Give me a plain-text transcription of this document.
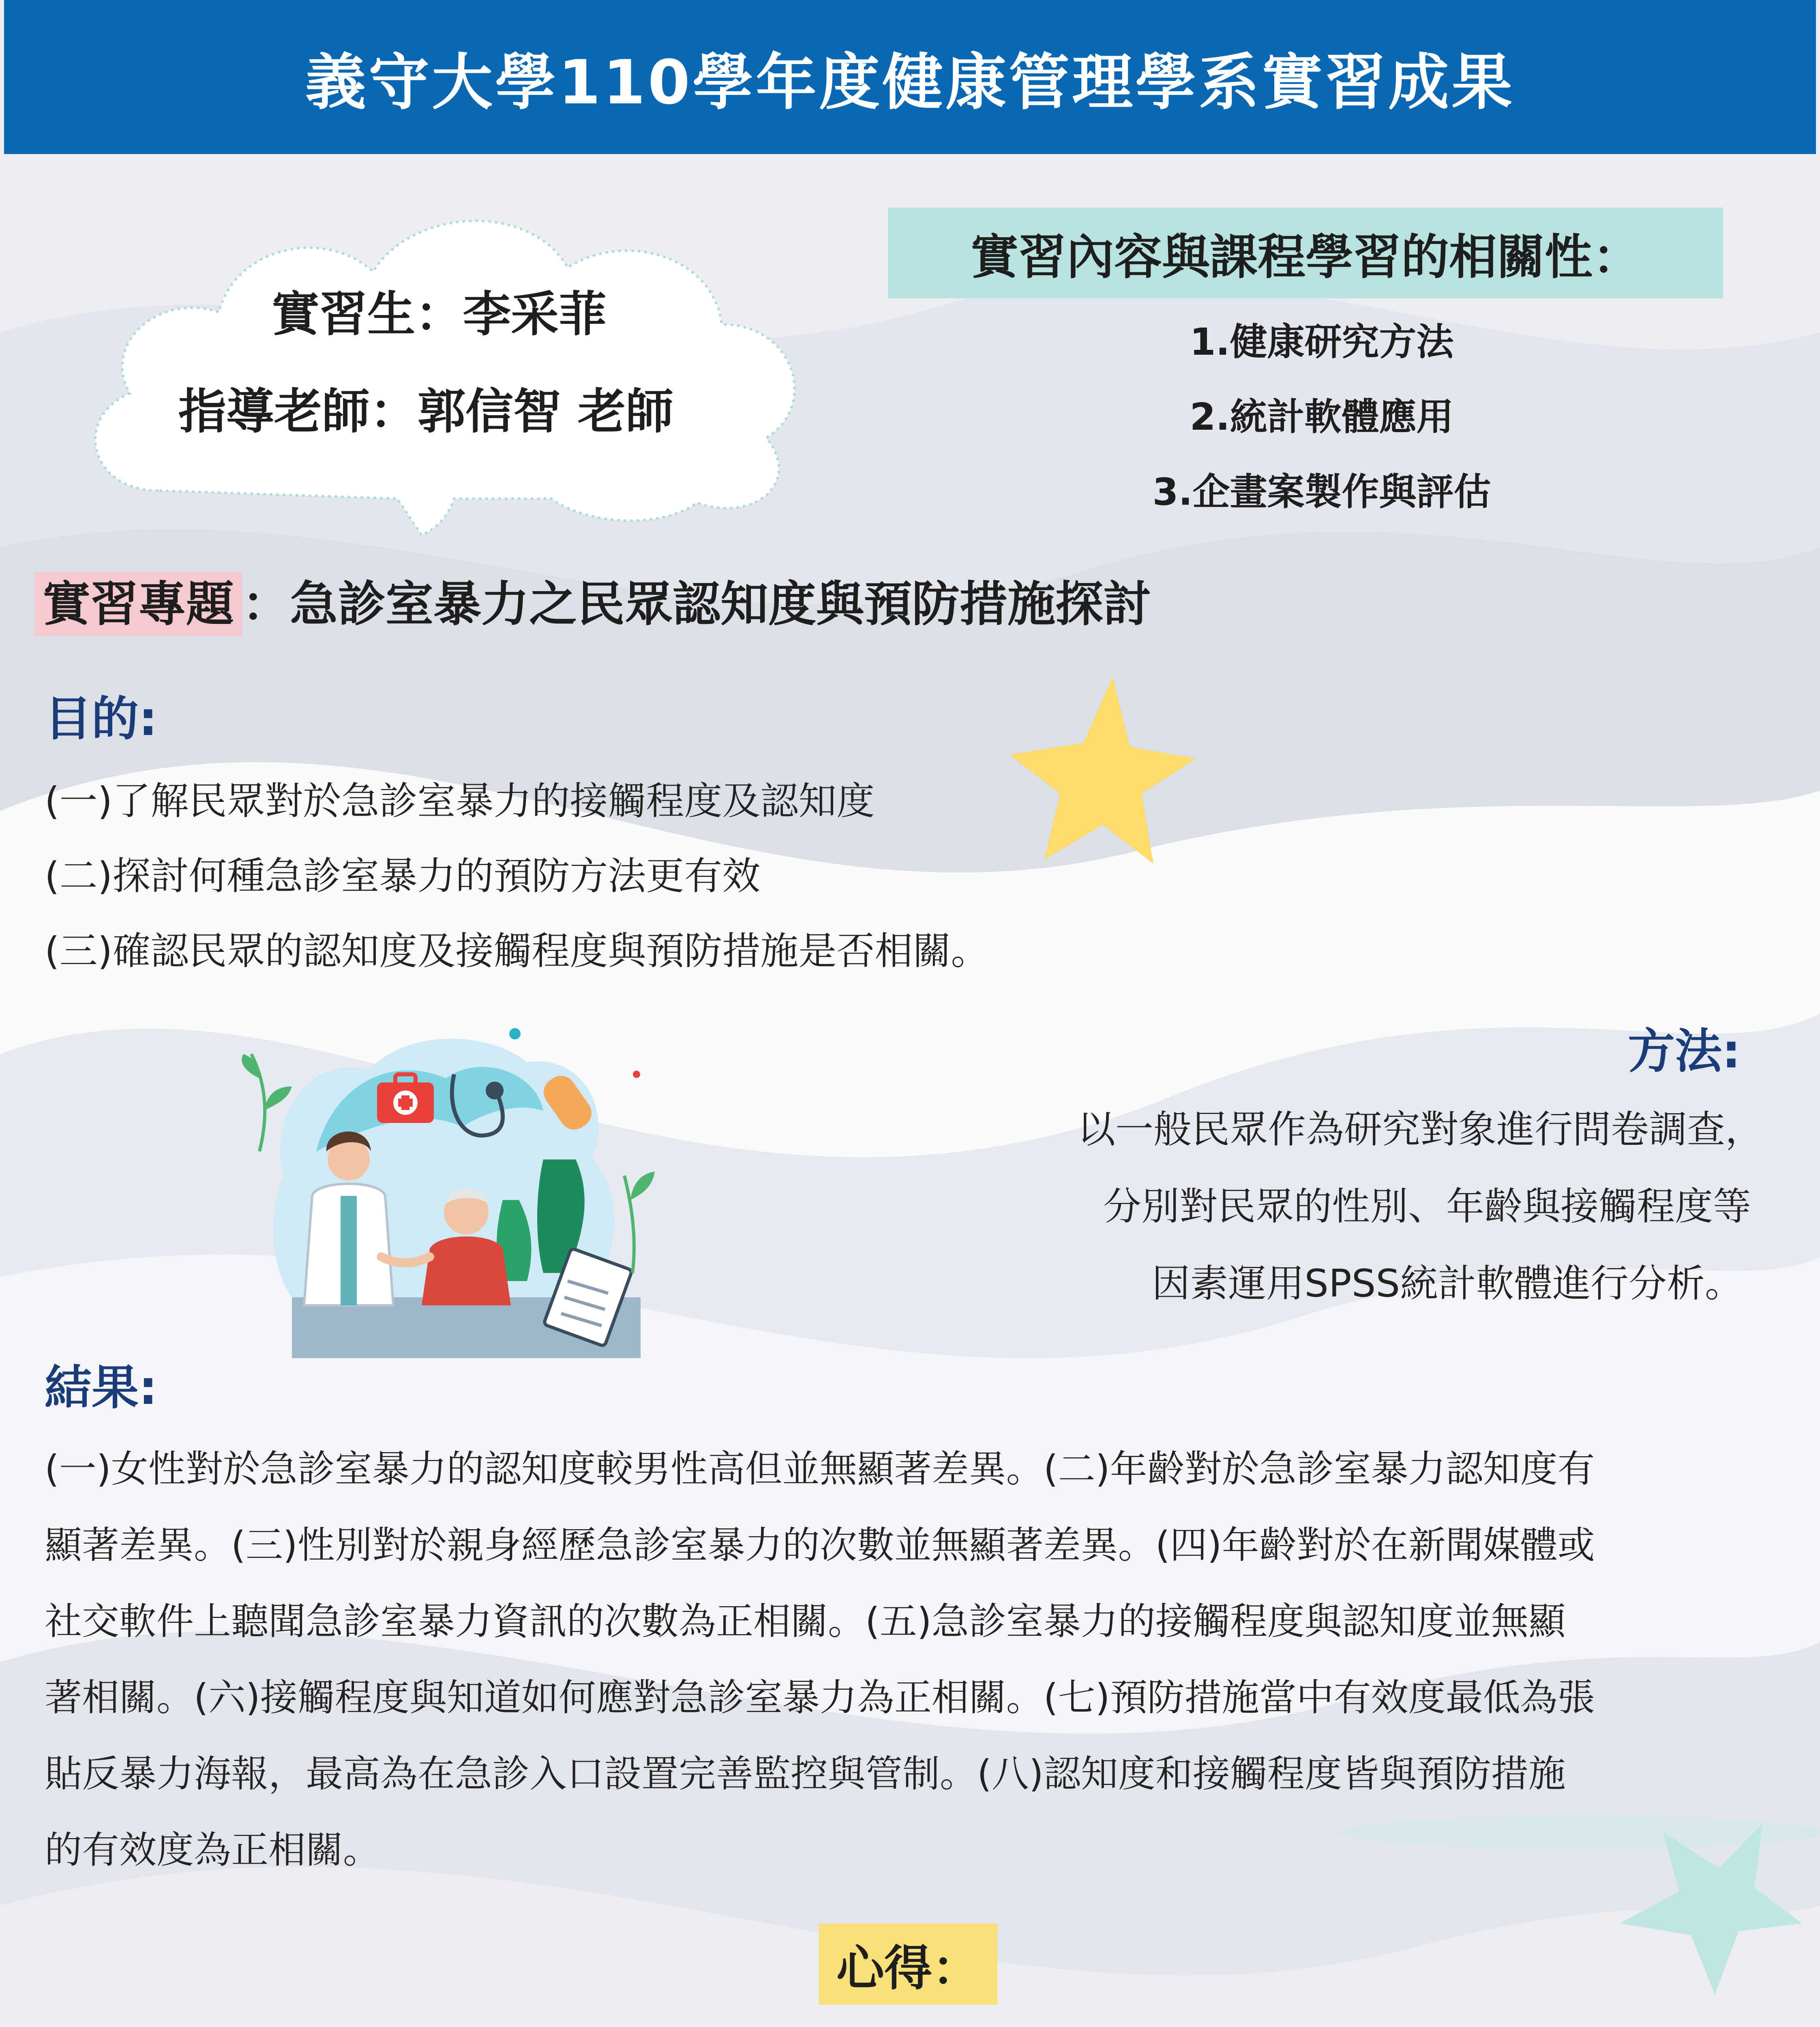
義守大學110學年度健康管理學系實習成果
實習生：李采菲
指導老師：郭信智 老師
實習內容與課程學習的相關性：
1.健康研究方法
2.統計軟體應用
3.企畫案製作與評估
實習專題 ：急診室暴力之民眾認知度與預防措施探討
目的:
(一)了解民眾對於急診室暴力的接觸程度及認知度
(二)探討何種急診室暴力的預防方法更有效
(三)確認民眾的認知度及接觸程度與預防措施是否相關。
方法:
以一般民眾作為研究對象進行問卷調查，
分別對民眾的性別、年齡與接觸程度等
因素運用SPSS統計軟體進行分析。
結果:
(一)女性對於急診室暴力的認知度較男性高但並無顯著差異。(二)年齡對於急診室暴力認知度有
顯著差異。(三)性別對於親身經歷急診室暴力的次數並無顯著差異。(四)年齡對於在新聞媒體或
社交軟件上聽聞急診室暴力資訊的次數為正相關。(五)急診室暴力的接觸程度與認知度並無顯
著相關。(六)接觸程度與知道如何應對急診室暴力為正相關。(七)預防措施當中有效度最低為張
貼反暴力海報，最高為在急診入口設置完善監控與管制。(八)認知度和接觸程度皆與預防措施
的有效度為正相關。
心得：
